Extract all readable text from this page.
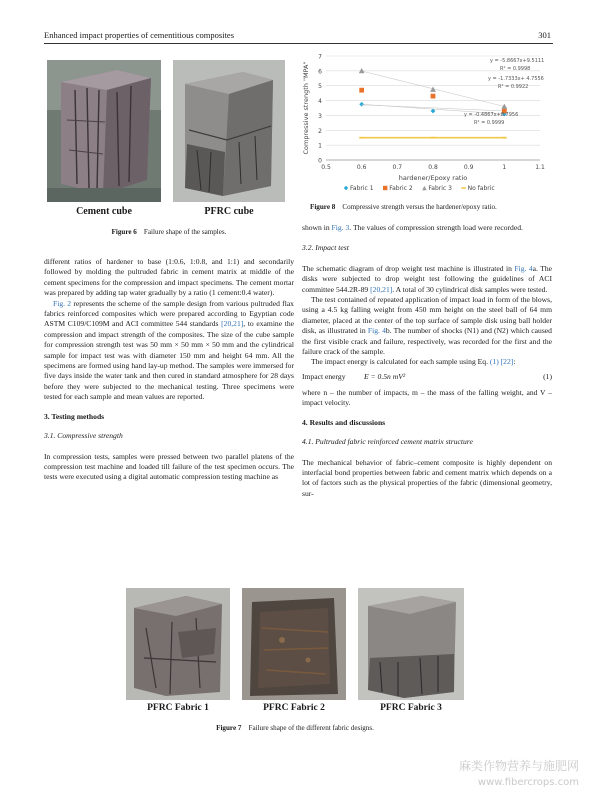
Enhanced impact properties of cementitious composites	301
Cement cube	PFRC cube
Figure 6 Failure shape of the samples.
0
1
2
3
4
5
6
7
0.5	0.6	0.7	0.8	0.9	1	1.1
hardener/Epoxy ratio
Compressive strength "MPA"
y = -5.8667x+9.5111
R² = 0.9998
y = -1.7333x+ 4.7556
R² = 0.9922
y = -0.4867x+8.7956
R² = 0.9999
Fabric 1	Fabric 2	Fabric 3	No fabric
Figure 8 Compressive strength versus the hardener/epoxy ratio.

different ratios of hardener to base (1:0.6, 1:0.8, and 1:1) and secondarily followed by molding the pultruded fabric in cement matrix at middle of the cement specimens for the compression and impact specimens. The cement mortar was prepared by adding tap water gradually by a ratio (1 cement:0.4 water).

Fig. 2 represents the scheme of the sample design from various pultruded flax fabrics reinforced composites which were prepared according to Egyptian code ASTM C109/C109M and ACI committee 544 standards [20,21], to examine the compression and impact strength of the composites. The size of the cube sample for compression strength test was 50 mm × 50 mm × 50 mm and the cylindrical sample for impact test was with diameter 150 mm and height 64 mm. All the specimens are formed using hand lay-up method. The samples were immersed for five days inside the water tank and then cured in standard atmosphere for 28 days before they were subjected to the mechanical testing. Three specimens were tested for each sample and mean values are reported.

3. Testing methods

3.1. Compressive strength

In compression tests, samples were pressed between two parallel platens of the compression test machine and loaded till failure of the test specimen occurs. The tests were executed using a digital automatic compression testing machine as

shown in Fig. 3. The values of compression strength load were recorded.

3.2. Impact test

The schematic diagram of drop weight test machine is illustrated in Fig. 4a. The disks were subjected to drop weight test following the guidelines of ACI committee 544.2R-89 [20,21]. A total of 30 cylindrical disk samples were tested.

The test contained of repeated application of impact load in form of the blows, using a 4.5 kg falling weight from 450 mm height on the steel ball of 64 mm diameter, placed at the center of the top surface of sample disk using ball holder disk, as illustrated in Fig. 4b. The number of shocks (N1) and (N2) which caused the first visible crack and failure, respectively, was recorded for the first and the failure crack of the sample.

The impact energy is calculated for each sample using Eq. (1) [22]:

Impact energy E = 0.5n mV²	(1)

where n – the number of impacts, m – the mass of the falling weight, and V – impact velocity.

4. Results and discussions

4.1. Pultruded fabric reinforced cement matrix structure

The mechanical behavior of fabric–cement composite is highly dependent on interfacial bond properties between fabric and cement matrix which depends on a lot of factors such as the physical properties of the fabric (dimensional geometry, sur-

PFRC Fabric 1	PFRC Fabric 2	PFRC Fabric 3
Figure 7 Failure shape of the different fabric designs.
麻类作物营养与施肥网
www.fibercrops.com
